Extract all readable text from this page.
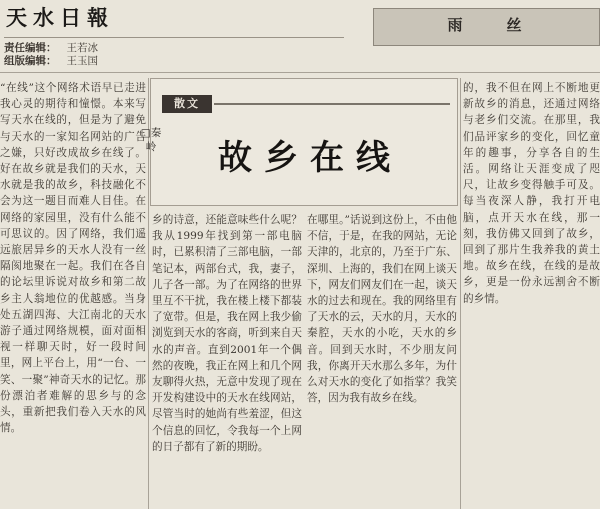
天水日報
责任编辑： 王若冰
组版编辑： 王玉国
雨丝
“在线”这个网络术语早已走进我心灵的期待和憧憬。本来写写天水在线的，但是为了避免与天水的一家知名网站的广告之嫌，只好改成故乡在线了。好在故乡就是我们的天水，天水就是我的故乡，科技融化不会为这一题目而难人目佳。在网络的家园里，没有什么能不可思议的。因了网络，我们遥远旅居异乡的天水人没有一丝隔阂地聚在一起。我们在各自的论坛里诉说对故乡和第二故乡主人翁地位的优越感。当身处五湖四海、大江南北的天水游子通过网络规模，面对面相视一样聊天时，好一段时间里，网上平台上，用“一台、一笑、一聚”神奇天水的记忆。那份漂泊者难解的思乡与的念头，重新把我们卷入天水的风情。
散文
□秦岭	故乡在线
乡的诗意，还能意味些什么呢？我从1999年找到第一部电脑时，已累积清了三部电脑，一部笔记本，两部台式，我，妻子，儿子各一部。为了在网络的世界里互不干扰，我在楼上楼下都装了宽带。但是，我在网上我少偷浏览到天水的客商，听到来自天水的声音。直到2001年一个偶然的夜晚，我正在网上和几个网友聊得火热，无意中发现了现在开发构建设中的天水在线网站，尽管当时的她尚有些羞涩，但这个信息的回忆，令我每一个上网的日子都有了新的期盼。
在哪里。”话说到这份上，不由他不信，于是，在我的网站，无论天津的，北京的，乃至于广东、深圳、上海的，我们在网上谈天下，网友们网友们在一起，谈天水的过去和现在。我的网络里有了天水的云，天水的月，天水的秦腔，天水的小吃，天水的乡音。回到天水时，不少朋友问我，你离开天水那么多年，为什么对天水的变化了如指掌？我笑答，因为我有故乡在线。
的，我不但在网上不断地更新故乡的消息，还通过网络与老乡们交流。在那里，我们品评家乡的变化，回忆童年的趣事，分享各自的生活。网络让天涯变成了咫尺，让故乡变得触手可及。每当夜深人静，我打开电脑，点开天水在线，那一刻，我仿佛又回到了故乡，回到了那片生我养我的黄土地。故乡在线，在线的是故乡，更是一份永远割舍不断的乡情。
